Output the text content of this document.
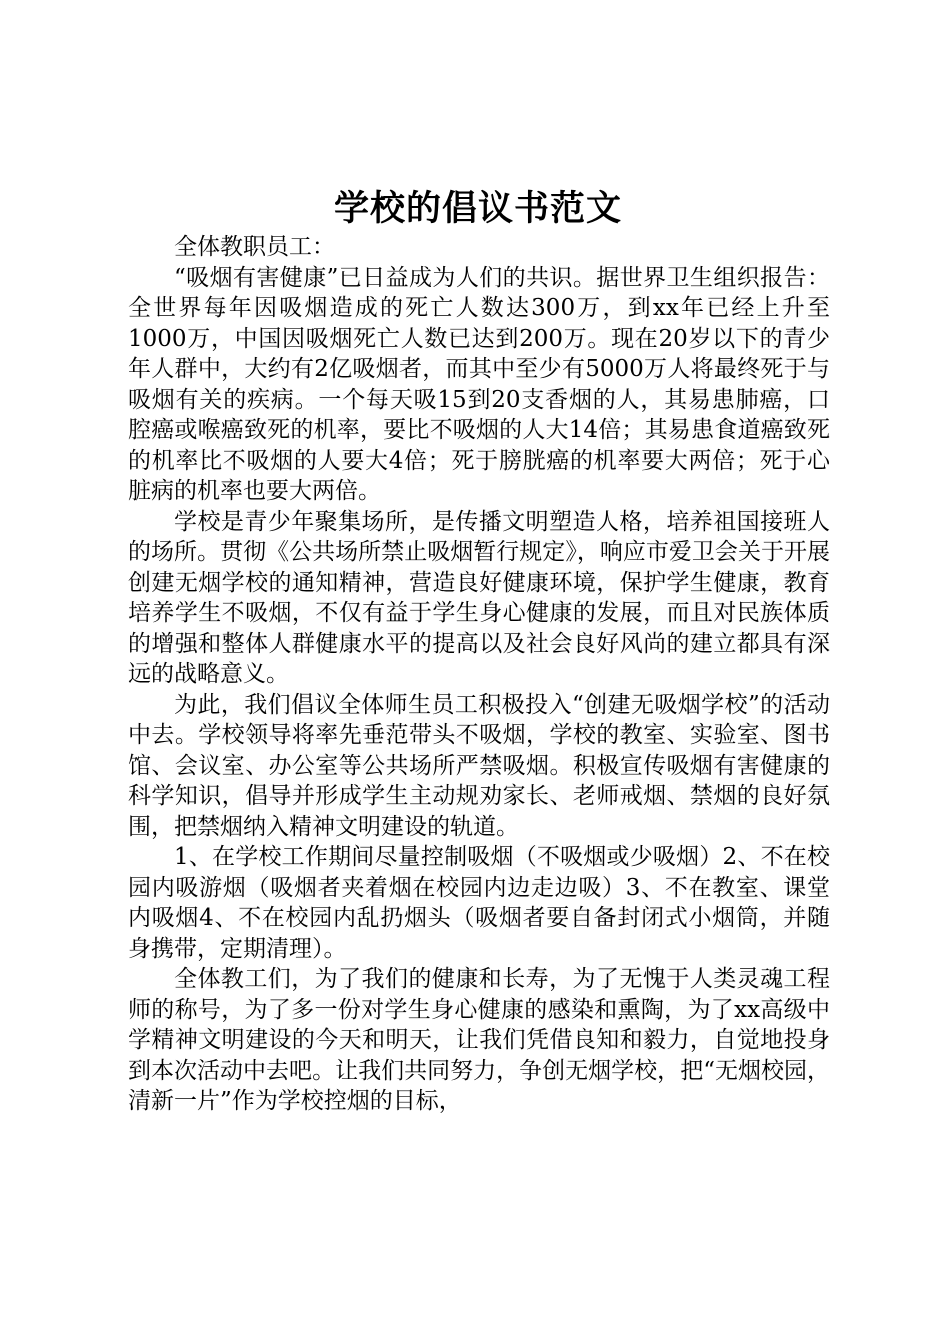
学校的倡议书范文

全体教职员工：

“吸烟有害健康”已日益成为人们的共识。据世界卫生组织报告：全世界每年因吸烟造成的死亡人数达300万，到xx年已经上升至1000万，中国因吸烟死亡人数已达到200万。现在20岁以下的青少年人群中，大约有2亿吸烟者，而其中至少有5000万人将最终死于与吸烟有关的疾病。一个每天吸15到20支香烟的人，其易患肺癌，口腔癌或喉癌致死的机率，要比不吸烟的人大14倍；其易患食道癌致死的机率比不吸烟的人要大4倍；死于膀胱癌的机率要大两倍；死于心脏病的机率也要大两倍。

学校是青少年聚集场所，是传播文明塑造人格，培养祖国接班人的场所。贯彻《公共场所禁止吸烟暂行规定》，响应市爱卫会关于开展创建无烟学校的通知精神，营造良好健康环境，保护学生健康，教育培养学生不吸烟，不仅有益于学生身心健康的发展，而且对民族体质的增强和整体人群健康水平的提高以及社会良好风尚的建立都具有深远的战略意义。

为此，我们倡议全体师生员工积极投入“创建无吸烟学校”的活动中去。学校领导将率先垂范带头不吸烟，学校的教室、实验室、图书馆、会议室、办公室等公共场所严禁吸烟。积极宣传吸烟有害健康的科学知识，倡导并形成学生主动规劝家长、老师戒烟、禁烟的良好氛围，把禁烟纳入精神文明建设的轨道。

1、在学校工作期间尽量控制吸烟（不吸烟或少吸烟）2、不在校园内吸游烟（吸烟者夹着烟在校园内边走边吸）3、不在教室、课堂内吸烟4、不在校园内乱扔烟头（吸烟者要自备封闭式小烟筒，并随身携带，定期清理）。

全体教工们，为了我们的健康和长寿，为了无愧于人类灵魂工程师的称号，为了多一份对学生身心健康的感染和熏陶，为了xx高级中学精神文明建设的今天和明天，让我们凭借良知和毅力，自觉地投身到本次活动中去吧。让我们共同努力，争创无烟学校，把“无烟校园，清新一片”作为学校控烟的目标，
